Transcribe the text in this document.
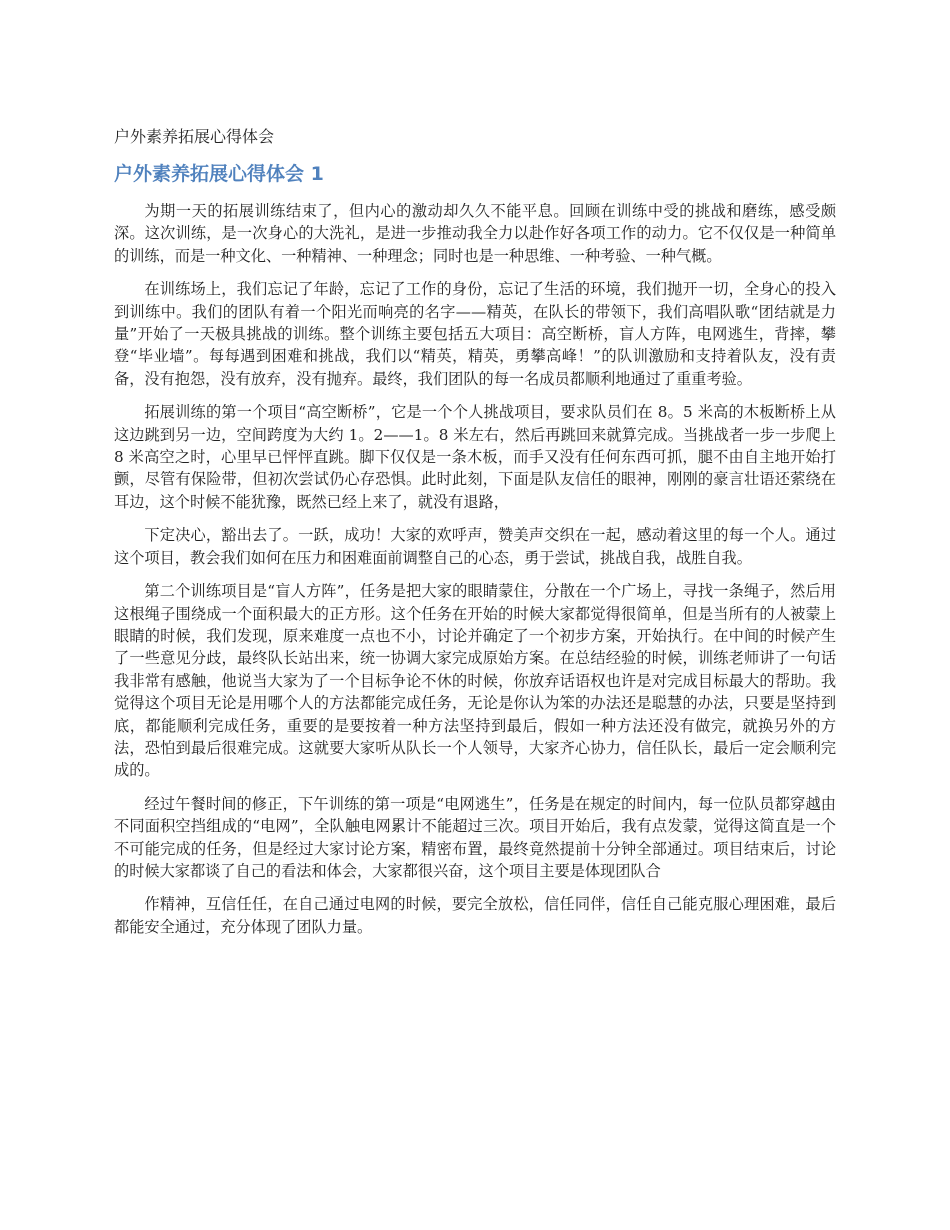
户外素养拓展心得体会
户外素养拓展心得体会 1

为期一天的拓展训练结束了，但内心的激动却久久不能平息。回顾在训练中受的挑战和磨练，感受颇深。这次训练，是一次身心的大洗礼，是进一步推动我全力以赴作好各项工作的动力。它不仅仅是一种简单的训练，而是一种文化、一种精神、一种理念；同时也是一种思维、一种考验、一种气概。

在训练场上，我们忘记了年龄，忘记了工作的身份，忘记了生活的环境，我们抛开一切，全身心的投入到训练中。我们的团队有着一个阳光而响亮的名字——精英，在队长的带领下，我们高唱队歌“团结就是力量”开始了一天极具挑战的训练。整个训练主要包括五大项目：高空断桥，盲人方阵，电网逃生，背摔，攀登“毕业墙”。每每遇到困难和挑战，我们以“精英，精英，勇攀高峰！”的队训激励和支持着队友，没有责备，没有抱怨，没有放弃，没有抛弃。最终，我们团队的每一名成员都顺利地通过了重重考验。

拓展训练的第一个项目“高空断桥”，它是一个个人挑战项目，要求队员们在 8。5 米高的木板断桥上从这边跳到另一边，空间跨度为大约 1。2——1。8 米左右，然后再跳回来就算完成。当挑战者一步一步爬上 8 米高空之时，心里早已怦怦直跳。脚下仅仅是一条木板，而手又没有任何东西可抓，腿不由自主地开始打颤，尽管有保险带，但初次尝试仍心存恐惧。此时此刻，下面是队友信任的眼神，刚刚的豪言壮语还萦绕在耳边，这个时候不能犹豫，既然已经上来了，就没有退路，

下定决心，豁出去了。一跃，成功！大家的欢呼声，赞美声交织在一起，感动着这里的每一个人。通过这个项目，教会我们如何在压力和困难面前调整自己的心态，勇于尝试，挑战自我，战胜自我。

第二个训练项目是“盲人方阵”，任务是把大家的眼睛蒙住，分散在一个广场上，寻找一条绳子，然后用这根绳子围绕成一个面积最大的正方形。这个任务在开始的时候大家都觉得很简单，但是当所有的人被蒙上眼睛的时候，我们发现，原来难度一点也不小，讨论并确定了一个初步方案，开始执行。在中间的时候产生了一些意见分歧，最终队长站出来，统一协调大家完成原始方案。在总结经验的时候，训练老师讲了一句话我非常有感触，他说当大家为了一个目标争论不休的时候，你放弃话语权也许是对完成目标最大的帮助。我觉得这个项目无论是用哪个人的方法都能完成任务，无论是你认为笨的办法还是聪慧的办法，只要是坚持到底，都能顺利完成任务，重要的是要按着一种方法坚持到最后，假如一种方法还没有做完，就换另外的方法，恐怕到最后很难完成。这就要大家听从队长一个人领导，大家齐心协力，信任队长，最后一定会顺利完成的。

经过午餐时间的修正，下午训练的第一项是“电网逃生”，任务是在规定的时间内，每一位队员都穿越由不同面积空挡组成的“电网”，全队触电网累计不能超过三次。项目开始后，我有点发蒙，觉得这简直是一个不可能完成的任务，但是经过大家讨论方案，精密布置，最终竟然提前十分钟全部通过。项目结束后，讨论的时候大家都谈了自己的看法和体会，大家都很兴奋，这个项目主要是体现团队合

作精神，互信任任，在自己通过电网的时候，要完全放松，信任同伴，信任自己能克服心理困难，最后都能安全通过，充分体现了团队力量。
